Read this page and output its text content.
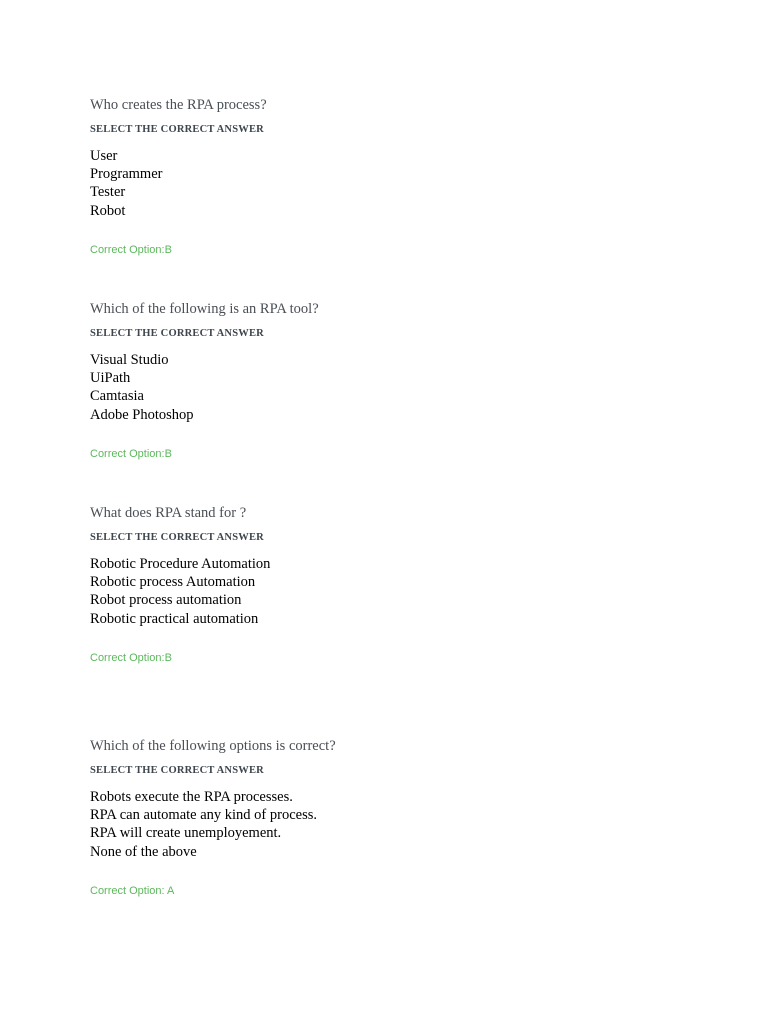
Who creates the RPA process?

SELECT THE CORRECT ANSWER
User
Programmer
Tester
Robot
Correct Option:B

Which of the following is an RPA tool?

SELECT THE CORRECT ANSWER
Visual Studio
UiPath
Camtasia
Adobe Photoshop
Correct Option:B

What does RPA stand for ?

SELECT THE CORRECT ANSWER
Robotic Procedure Automation
Robotic process Automation
Robot process automation
Robotic practical automation
Correct Option:B

Which of the following options is correct?

SELECT THE CORRECT ANSWER
Robots execute the RPA processes.
RPA can automate any kind of process.
RPA will create unemployement.
None of the above
Correct Option: A
